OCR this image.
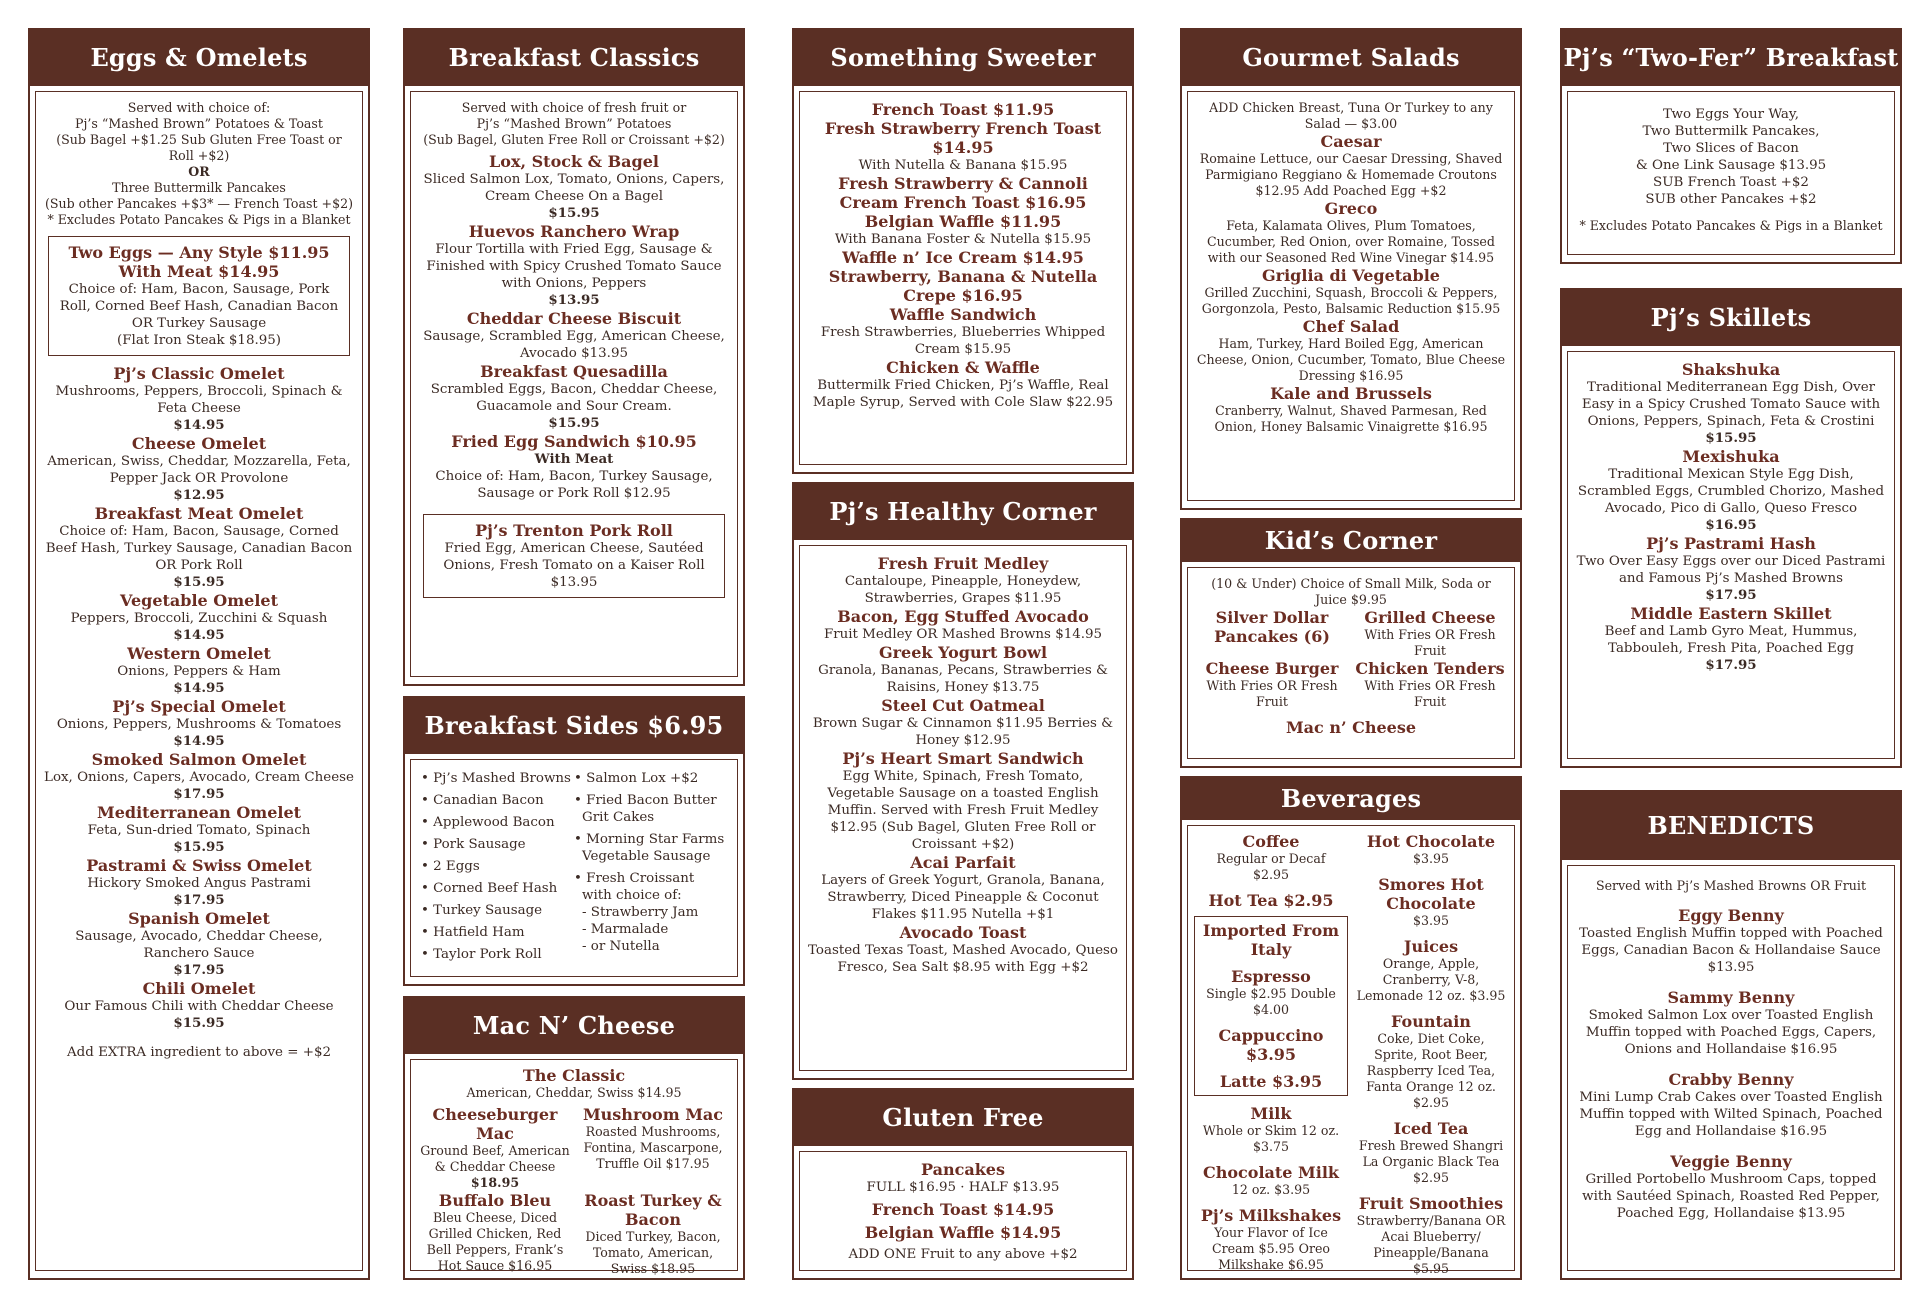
Eggs & Omelets
Served with choice of:
Pj’s “Mashed Brown” Potatoes & Toast
(Sub Bagel +$1.25 Sub Gluten Free Toast or Roll +$2)
OR
Three Buttermilk Pancakes
(Sub other Pancakes +$3* — French Toast +$2)
* Excludes Potato Pancakes & Pigs in a Blanket
Two Eggs — Any Style $11.95
With Meat $14.95
Choice of: Ham, Bacon, Sausage, Pork Roll, Corned Beef Hash, Canadian Bacon OR Turkey Sausage
(Flat Iron Steak $18.95)
Pj’s Classic Omelet
Mushrooms, Peppers, Broccoli, Spinach & Feta Cheese
$14.95
Cheese Omelet
American, Swiss, Cheddar, Mozzarella, Feta, Pepper Jack OR Provolone
$12.95
Breakfast Meat Omelet
Choice of: Ham, Bacon, Sausage, Corned Beef Hash, Turkey Sausage, Canadian Bacon OR Pork Roll
$15.95
Vegetable Omelet
Peppers, Broccoli, Zucchini & Squash
$14.95
Western Omelet
Onions, Peppers & Ham
$14.95
Pj’s Special Omelet
Onions, Peppers, Mushrooms & Tomatoes
$14.95
Smoked Salmon Omelet
Lox, Onions, Capers, Avocado, Cream Cheese
$17.95
Mediterranean Omelet
Feta, Sun-dried Tomato, Spinach
$15.95
Pastrami & Swiss Omelet
Hickory Smoked Angus Pastrami
$17.95
Spanish Omelet
Sausage, Avocado, Cheddar Cheese, Ranchero Sauce
$17.95
Chili Omelet
Our Famous Chili with Cheddar Cheese
$15.95
Add EXTRA ingredient to above = +$2
Breakfast Classics
Served with choice of fresh fruit or
Pj’s “Mashed Brown” Potatoes
(Sub Bagel, Gluten Free Roll or Croissant +$2)
Lox, Stock & Bagel
Sliced Salmon Lox, Tomato, Onions, Capers, Cream Cheese On a Bagel
$15.95
Huevos Ranchero Wrap
Flour Tortilla with Fried Egg, Sausage & Finished with Spicy Crushed Tomato Sauce with Onions, Peppers
$13.95
Cheddar Cheese Biscuit
Sausage, Scrambled Egg, American Cheese, Avocado $13.95
Breakfast Quesadilla
Scrambled Eggs, Bacon, Cheddar Cheese, Guacamole and Sour Cream.
$15.95
Fried Egg Sandwich $10.95
With Meat
Choice of: Ham, Bacon, Turkey Sausage, Sausage or Pork Roll $12.95
Pj’s Trenton Pork Roll
Fried Egg, American Cheese, Sautéed Onions, Fresh Tomato on a Kaiser Roll $13.95
Breakfast Sides $6.95
• Pj’s Mashed Browns
• Canadian Bacon
• Applewood Bacon
• Pork Sausage
• 2 Eggs
• Corned Beef Hash
• Turkey Sausage
• Hatfield Ham
• Taylor Pork Roll
• Salmon Lox +$2
• Fried Bacon Butter Grit Cakes
• Morning Star Farms Vegetable Sausage
• Fresh Croissant with choice of:
- Strawberry Jam
- Marmalade
- or Nutella
Mac N’ Cheese
The Classic
American, Cheddar, Swiss $14.95
Cheeseburger Mac
Ground Beef, American & Cheddar Cheese
$18.95
Mushroom Mac
Roasted Mushrooms, Fontina, Mascarpone, Truffle Oil $17.95
Buffalo Bleu
Bleu Cheese, Diced Grilled Chicken, Red Bell Peppers, Frank’s Hot Sauce $16.95
Roast Turkey & Bacon
Diced Turkey, Bacon, Tomato, American, Swiss $18.95
Something Sweeter
French Toast $11.95
Fresh Strawberry French Toast $14.95
With Nutella & Banana $15.95
Fresh Strawberry & Cannoli Cream French Toast $16.95
Belgian Waffle $11.95
With Banana Foster & Nutella $15.95
Waffle n’ Ice Cream $14.95
Strawberry, Banana & Nutella Crepe $16.95
Waffle Sandwich
Fresh Strawberries, Blueberries Whipped Cream $15.95
Chicken & Waffle
Buttermilk Fried Chicken, Pj’s Waffle, Real Maple Syrup, Served with Cole Slaw $22.95
Pj’s Healthy Corner
Fresh Fruit Medley
Cantaloupe, Pineapple, Honeydew, Strawberries, Grapes $11.95
Bacon, Egg Stuffed Avocado
Fruit Medley OR Mashed Browns $14.95
Greek Yogurt Bowl
Granola, Bananas, Pecans, Strawberries & Raisins, Honey $13.75
Steel Cut Oatmeal
Brown Sugar & Cinnamon $11.95 Berries & Honey $12.95
Pj’s Heart Smart Sandwich
Egg White, Spinach, Fresh Tomato, Vegetable Sausage on a toasted English Muffin. Served with Fresh Fruit Medley $12.95 (Sub Bagel, Gluten Free Roll or Croissant +$2)
Acai Parfait
Layers of Greek Yogurt, Granola, Banana, Strawberry, Diced Pineapple & Coconut Flakes $11.95 Nutella +$1
Avocado Toast
Toasted Texas Toast, Mashed Avocado, Queso Fresco, Sea Salt $8.95 with Egg +$2
Gluten Free
Pancakes
FULL $16.95 · HALF $13.95
French Toast $14.95
Belgian Waffle $14.95
ADD ONE Fruit to any above +$2
Gourmet Salads
ADD Chicken Breast, Tuna Or Turkey to any Salad — $3.00
Caesar
Romaine Lettuce, our Caesar Dressing, Shaved Parmigiano Reggiano & Homemade Croutons $12.95 Add Poached Egg +$2
Greco
Feta, Kalamata Olives, Plum Tomatoes, Cucumber, Red Onion, over Romaine, Tossed with our Seasoned Red Wine Vinegar $14.95
Griglia di Vegetable
Grilled Zucchini, Squash, Broccoli & Peppers, Gorgonzola, Pesto, Balsamic Reduction $15.95
Chef Salad
Ham, Turkey, Hard Boiled Egg, American Cheese, Onion, Cucumber, Tomato, Blue Cheese Dressing $16.95
Kale and Brussels
Cranberry, Walnut, Shaved Parmesan, Red Onion, Honey Balsamic Vinaigrette $16.95
Kid’s Corner
(10 & Under) Choice of Small Milk, Soda or Juice $9.95
Silver Dollar Pancakes (6)
Grilled Cheese
With Fries OR Fresh Fruit
Cheese Burger
With Fries OR Fresh Fruit
Chicken Tenders
With Fries OR Fresh Fruit
Mac n’ Cheese
Beverages
Coffee
Regular or Decaf
$2.95
Hot Tea $2.95
Imported From Italy
Espresso
Single $2.95 Double $4.00
Cappuccino $3.95
Latte $3.95
Milk
Whole or Skim 12 oz. $3.75
Chocolate Milk
12 oz. $3.95
Pj’s Milkshakes
Your Flavor of Ice Cream $5.95 Oreo Milkshake $6.95
Hot Chocolate
$3.95
Smores Hot Chocolate
$3.95
Juices
Orange, Apple, Cranberry, V-8, Lemonade 12 oz. $3.95
Fountain
Coke, Diet Coke, Sprite, Root Beer, Raspberry Iced Tea, Fanta Orange 12 oz. $2.95
Iced Tea
Fresh Brewed Shangri La Organic Black Tea $2.95
Fruit Smoothies
Strawberry/Banana OR Acai Blueberry/ Pineapple/Banana $5.95
Pj’s “Two-Fer” Breakfast
Two Eggs Your Way,
Two Buttermilk Pancakes,
Two Slices of Bacon
& One Link Sausage $13.95
SUB French Toast +$2
SUB other Pancakes +$2
* Excludes Potato Pancakes & Pigs in a Blanket
Pj’s Skillets
Shakshuka
Traditional Mediterranean Egg Dish, Over Easy in a Spicy Crushed Tomato Sauce with Onions, Peppers, Spinach, Feta & Crostini
$15.95
Mexishuka
Traditional Mexican Style Egg Dish, Scrambled Eggs, Crumbled Chorizo, Mashed Avocado, Pico di Gallo, Queso Fresco
$16.95
Pj’s Pastrami Hash
Two Over Easy Eggs over our Diced Pastrami and Famous Pj’s Mashed Browns
$17.95
Middle Eastern Skillet
Beef and Lamb Gyro Meat, Hummus, Tabbouleh, Fresh Pita, Poached Egg
$17.95
BENEDICTS
Served with Pj’s Mashed Browns OR Fruit
Eggy Benny
Toasted English Muffin topped with Poached Eggs, Canadian Bacon & Hollandaise Sauce $13.95
Sammy Benny
Smoked Salmon Lox over Toasted English Muffin topped with Poached Eggs, Capers, Onions and Hollandaise $16.95
Crabby Benny
Mini Lump Crab Cakes over Toasted English Muffin topped with Wilted Spinach, Poached Egg and Hollandaise $16.95
Veggie Benny
Grilled Portobello Mushroom Caps, topped with Sautéed Spinach, Roasted Red Pepper, Poached Egg, Hollandaise $13.95
